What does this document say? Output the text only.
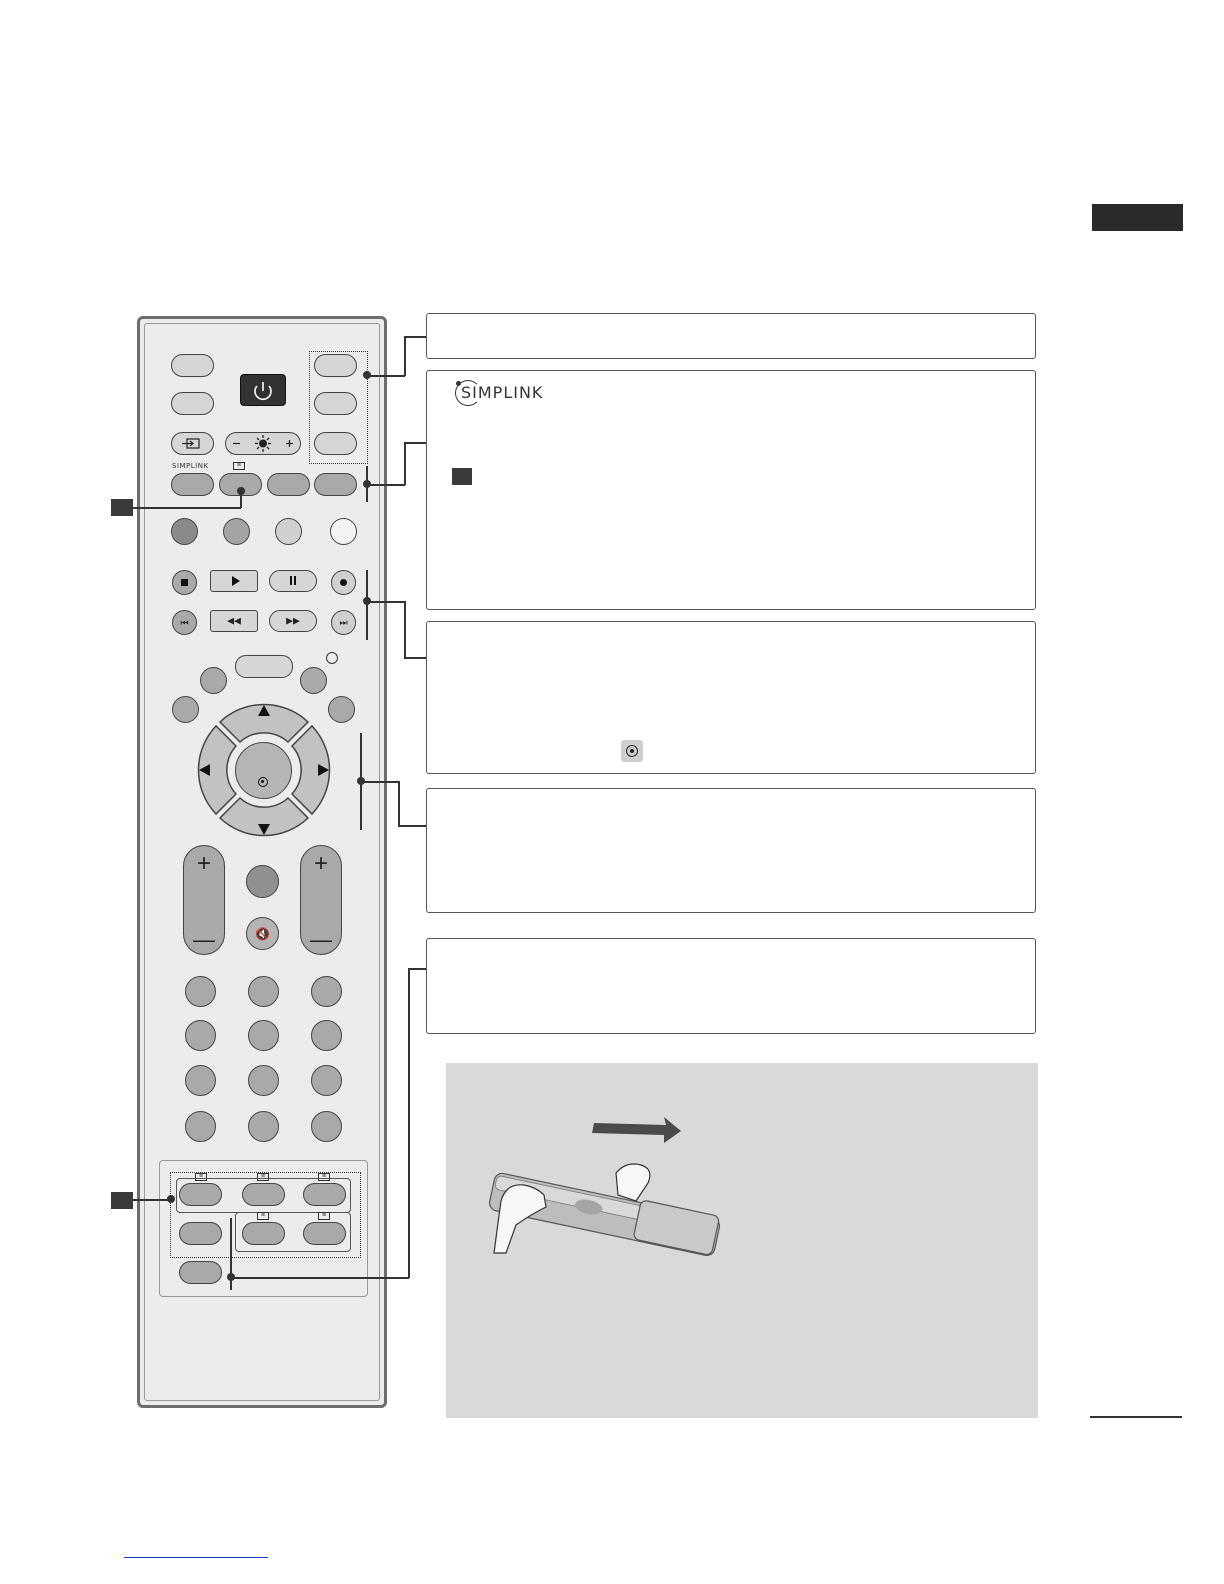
SIMPLINK	≡
⏮	◀◀	▶▶	⏭
+
—
+
—
🔇
≡	≡	≡
≡	≡
SIMPLINK
